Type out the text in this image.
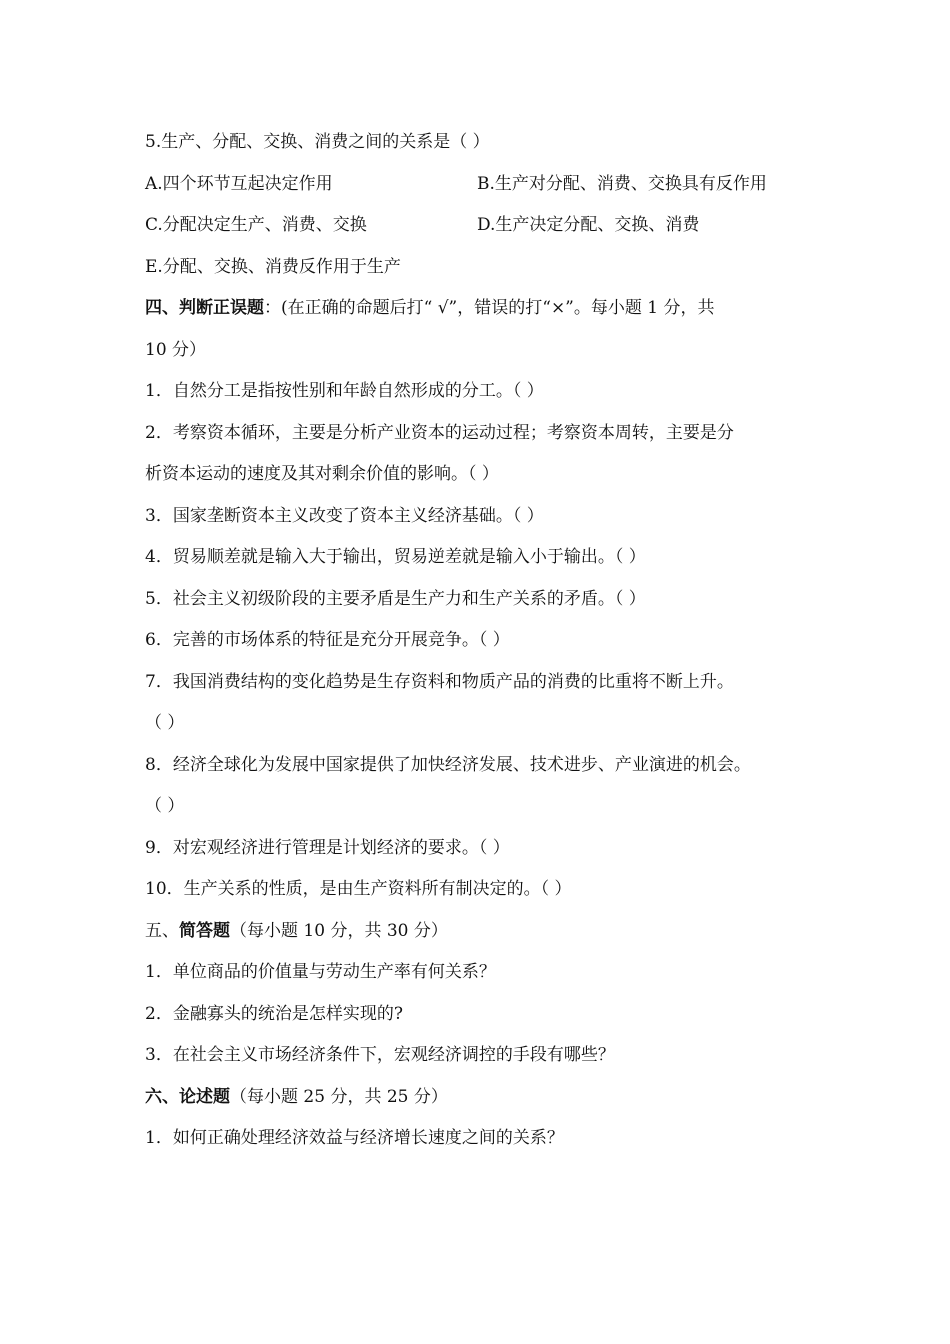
5.生产、分配、交换、消费之间的关系是（ ）
A.四个环节互起决定作用	B.生产对分配、消费、交换具有反作用
C.分配决定生产、消费、交换	D.生产决定分配、交换、消费
E.分配、交换、消费反作用于生产
四、判断正误题：(在正确的命题后打“ √”，错误的打“×”。每小题 1 分，共
10 分）
1．自然分工是指按性别和年龄自然形成的分工。（ ）
2．考察资本循环，主要是分析产业资本的运动过程；考察资本周转，主要是分
析资本运动的速度及其对剩余价值的影响。（ ）
3．国家垄断资本主义改变了资本主义经济基础。（ ）
4．贸易顺差就是输入大于输出，贸易逆差就是输入小于输出。（ ）
5．社会主义初级阶段的主要矛盾是生产力和生产关系的矛盾。（ ）
6．完善的市场体系的特征是充分开展竞争。（ ）
7．我国消费结构的变化趋势是生存资料和物质产品的消费的比重将不断上升。
（ ）
8．经济全球化为发展中国家提供了加快经济发展、技术进步、产业演进的机会。
（ ）
9．对宏观经济进行管理是计划经济的要求。（ ）
10．生产关系的性质，是由生产资料所有制决定的。（ ）
五、简答题（每小题 10 分，共 30 分）
1．单位商品的价值量与劳动生产率有何关系？
2．金融寡头的统治是怎样实现的?
3．在社会主义市场经济条件下，宏观经济调控的手段有哪些？
六、论述题（每小题 25 分，共 25 分）
1．如何正确处理经济效益与经济增长速度之间的关系？
